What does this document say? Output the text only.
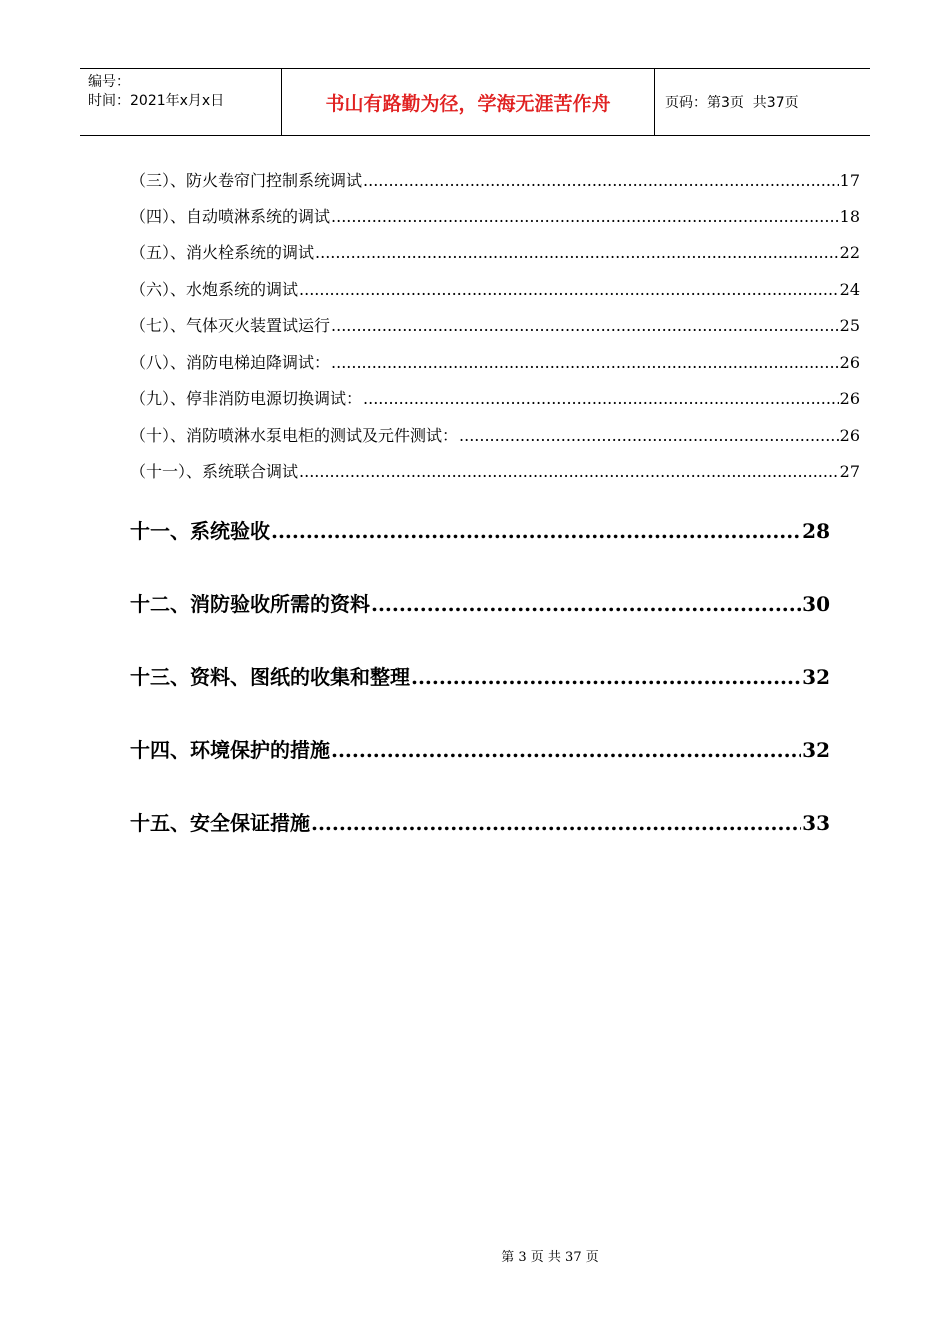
编号：
时间：2021年x月x日	书山有路勤为径，学海无涯苦作舟	页码：第3页  共37页
（三）、防火卷帘门控制系统调试 .....	17
（四）、自动喷淋系统的调试 .....	18
（五）、消火栓系统的调试 .....	22
（六）、水炮系统的调试 .....	24
（七）、气体灭火装置试运行 .....	25
（八）、消防电梯迫降调试： .....	26
（九）、停非消防电源切换调试： .....	26
（十）、消防喷淋水泵电柜的测试及元件测试： .....	26
（十一）、系统联合调试 .....	27
十一、系统验收 .....	28
十二、消防验收所需的资料 .....	30
十三、资料、图纸的收集和整理 .....	32
十四、环境保护的措施 .....	32
十五、安全保证措施 .....	33
第 3 页 共 37 页
